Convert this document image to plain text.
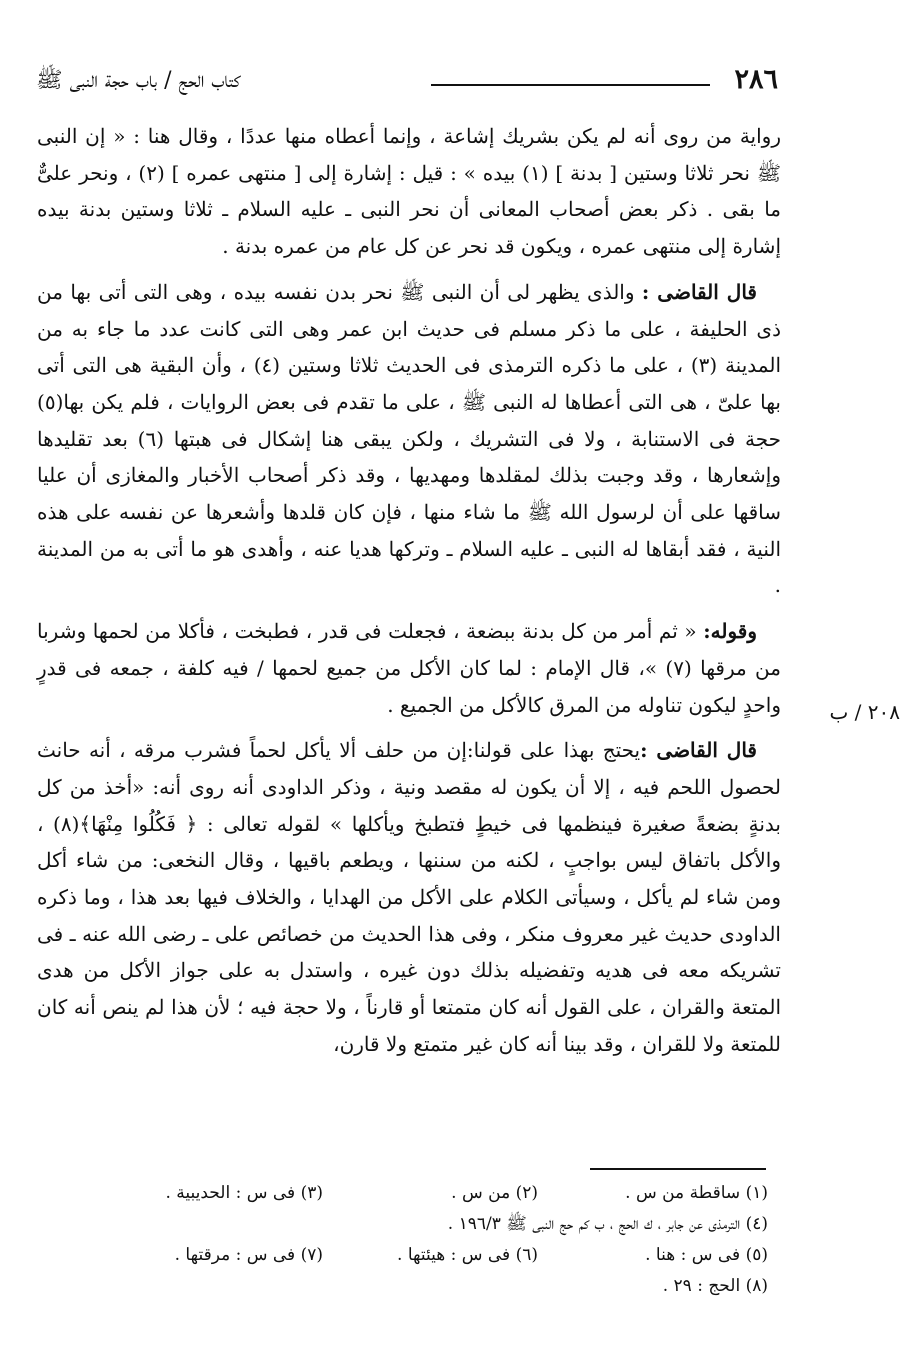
٢٨٦
كتاب الحج / باب حجة النبى ﷺ

رواية من روى أنه لم يكن بشريك إشاعة ، وإنما أعطاه منها عددًا ، وقال هنا : « إن النبى ﷺ نحر ثلاثا وستين [ بدنة ] (١) بيده » : قيل : إشارة إلى [ منتهى عمره ] (٢) ، ونحر علىٌّ ما بقى . ذكر بعض أصحاب المعانى أن نحر النبى ـ عليه السلام ـ ثلاثا وستين بدنة بيده إشارة إلى منتهى عمره ، ويكون قد نحر عن كل عام من عمره بدنة .

قال القاضى : والذى يظهر لى أن النبى ﷺ نحر بدن نفسه بيده ، وهى التى أتى بها من ذى الحليفة ، على ما ذكر مسلم فى حديث ابن عمر وهى التى كانت عدد ما جاء به من المدينة (٣) ، على ما ذكره الترمذى فى الحديث ثلاثا وستين (٤) ، وأن البقية هى التى أتى بها علىّ ، هى التى أعطاها له النبى ﷺ ، على ما تقدم فى بعض الروايات ، فلم يكن بها(٥) حجة فى الاستنابة ، ولا فى التشريك ، ولكن يبقى هنا إشكال فى هبتها (٦) بعد تقليدها وإشعارها ، وقد وجبت بذلك لمقلدها ومهديها ، وقد ذكر أصحاب الأخبار والمغازى أن عليا ساقها على أن لرسول الله ﷺ ما شاء منها ، فإن كان قلدها وأشعرها عن نفسه على هذه النية ، فقد أبقاها له النبى ـ عليه السلام ـ وتركها هديا عنه ، وأهدى هو ما أتى به من المدينة .

وقوله: « ثم أمر من كل بدنة ببضعة ، فجعلت فى قدر ، فطبخت ، فأكلا من لحمها وشربا من مرقها (٧) »، قال الإمام : لما كان الأكل من جميع لحمها / فيه كلفة ، جمعه فى قدرٍ واحدٍ ليكون تناوله من المرق كالأكل من الجميع .

قال القاضى :يحتج بهذا على قولنا:إن من حلف ألا يأكل لحماً فشرب مرقه ، أنه حانث لحصول اللحم فيه ، إلا أن يكون له مقصد ونية ، وذكر الداودى أنه روى أنه: «أخذ من كل بدنةٍ بضعةً صغيرة فينظمها فى خيطٍ فتطبخ ويأكلها » لقوله تعالى : ﴿ فَكُلُوا مِنْهَا﴾(٨) ، والأكل باتفاق ليس بواجبٍ ، لكنه من سننها ، ويطعم باقيها ، وقال النخعى: من شاء أكل ومن شاء لم يأكل ، وسيأتى الكلام على الأكل من الهدايا ، والخلاف فيها بعد هذا ، وما ذكره الداودى حديث غير معروف منكر ، وفى هذا الحديث من خصائص على ـ رضى الله عنه ـ فى تشريكه معه فى هديه وتفضيله بذلك دون غيره ، واستدل به على جواز الأكل من هدى المتعة والقران ، على القول أنه كان متمتعا أو قارناً ، ولا حجة فيه ؛ لأن هذا لم ينص أنه كان للمتعة ولا للقران ، وقد بينا أنه كان غير متمتع ولا قارن،

٢٠٨ / ب
(١) ساقطة من س .
(٢) من س .
(٣) فى س : الحديبية .
(٤) الترمذى عن جابر ، ك الحج ، ب كم حج النبى ﷺ ١٩٦/٣ .
(٥) فى س : هنا .
(٦) فى س : هيئتها .
(٧) فى س : مرقتها .
(٨) الحج : ٢٩ .
